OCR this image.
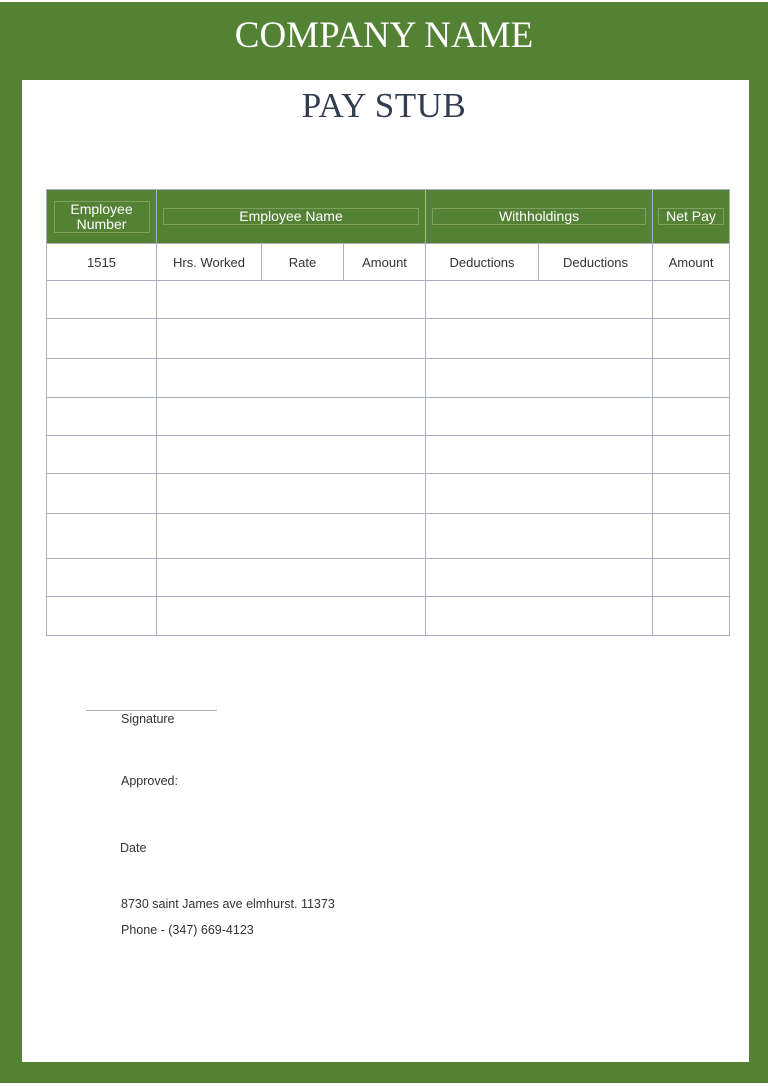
COMPANY NAME
PAY STUB
Employee Number	Employee Name			Withholdings		Net Pay
1515	Hrs. Worked	Rate	Amount	Deductions	Deductions	Amount

Signature
Approved:
Date
8730 saint James ave elmhurst. 11373
Phone - (347) 669-4123
